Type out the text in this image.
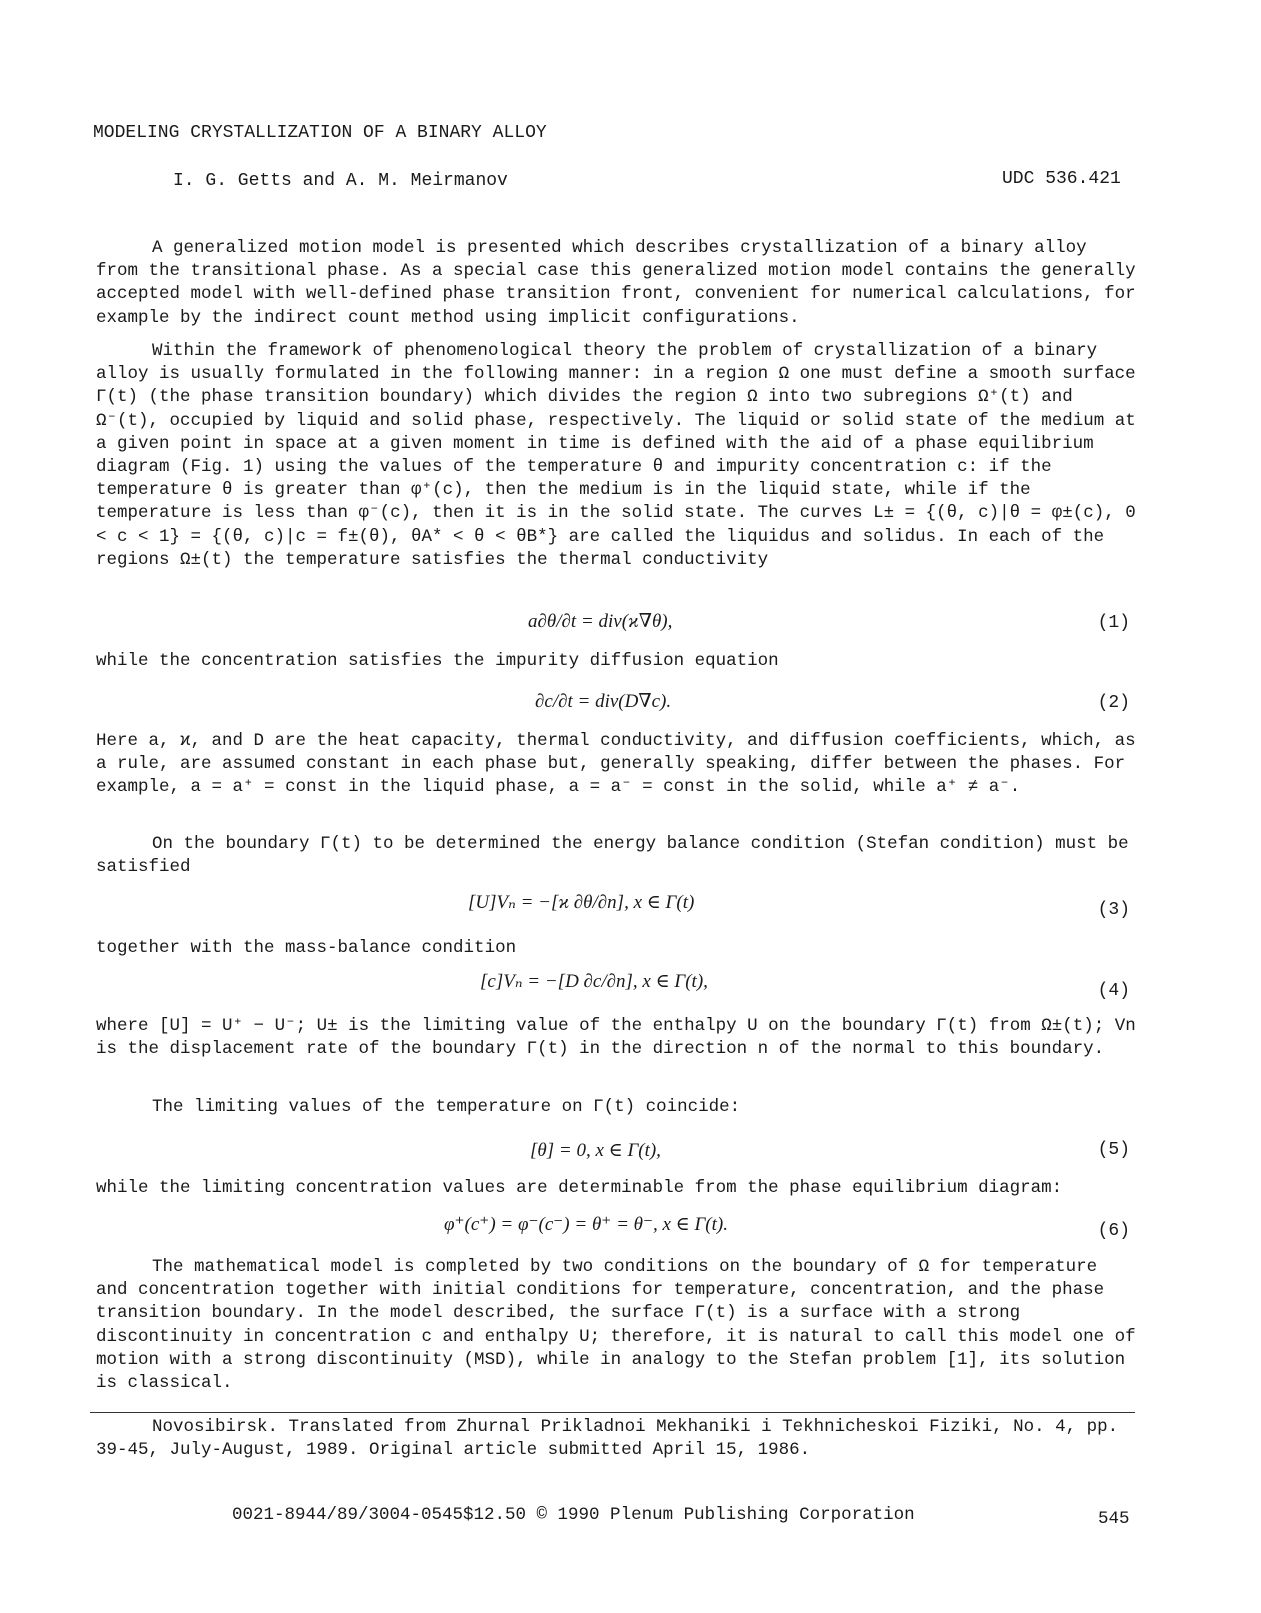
MODELING CRYSTALLIZATION OF A BINARY ALLOY
I. G. Getts and A. M. Meirmanov	UDC 536.421

A generalized motion model is presented which describes crystallization of a binary alloy from the transitional phase. As a special case this generalized motion model contains the generally accepted model with well-defined phase transition front, convenient for numerical calculations, for example by the indirect count method using implicit configurations.

Within the framework of phenomenological theory the problem of crystallization of a binary alloy is usually formulated in the following manner: in a region Ω one must define a smooth surface Γ(t) (the phase transition boundary) which divides the region Ω into two subregions Ω⁺(t) and Ω⁻(t), occupied by liquid and solid phase, respectively. The liquid or solid state of the medium at a given point in space at a given moment in time is defined with the aid of a phase equilibrium diagram (Fig. 1) using the values of the temperature θ and impurity concentration c: if the temperature θ is greater than φ⁺(c), then the medium is in the liquid state, while if the temperature is less than φ⁻(c), then it is in the solid state. The curves L± = {(θ, c)|θ = φ±(c), 0 < c < 1} = {(θ, c)|c = f±(θ), θA* < θ < θB*} are called the liquidus and solidus. In each of the regions Ω±(t) the temperature satisfies the thermal conductivity

a∂θ/∂t = div(ϰ∇θ),	(1)

while the concentration satisfies the impurity diffusion equation

∂c/∂t = div(D∇c).	(2)

Here a, ϰ, and D are the heat capacity, thermal conductivity, and diffusion coefficients, which, as a rule, are assumed constant in each phase but, generally speaking, differ between the phases. For example, a = a⁺ = const in the liquid phase, a = a⁻ = const in the solid, while a⁺ ≠ a⁻.

On the boundary Γ(t) to be determined the energy balance condition (Stefan condition) must be satisfied

[U]Vₙ = −[ϰ ∂θ/∂n], x ∈ Γ(t)	(3)

together with the mass-balance condition

[c]Vₙ = −[D ∂c/∂n], x ∈ Γ(t),	(4)

where [U] = U⁺ − U⁻; U± is the limiting value of the enthalpy U on the boundary Γ(t) from Ω±(t); Vn is the displacement rate of the boundary Γ(t) in the direction n of the normal to this boundary.

The limiting values of the temperature on Γ(t) coincide:

[θ] = 0, x ∈ Γ(t),	(5)

while the limiting concentration values are determinable from the phase equilibrium diagram:

φ⁺(c⁺) = φ⁻(c⁻) = θ⁺ = θ⁻, x ∈ Γ(t).	(6)

The mathematical model is completed by two conditions on the boundary of Ω for temperature and concentration together with initial conditions for temperature, concentration, and the phase transition boundary. In the model described, the surface Γ(t) is a surface with a strong discontinuity in concentration c and enthalpy U; therefore, it is natural to call this model one of motion with a strong discontinuity (MSD), while in analogy to the Stefan problem [1], its solution is classical.

Novosibirsk. Translated from Zhurnal Prikladnoi Mekhaniki i Tekhnicheskoi Fiziki, No. 4, pp. 39-45, July-August, 1989. Original article submitted April 15, 1986.

0021-8944/89/3004-0545$12.50 © 1990 Plenum Publishing Corporation	545
